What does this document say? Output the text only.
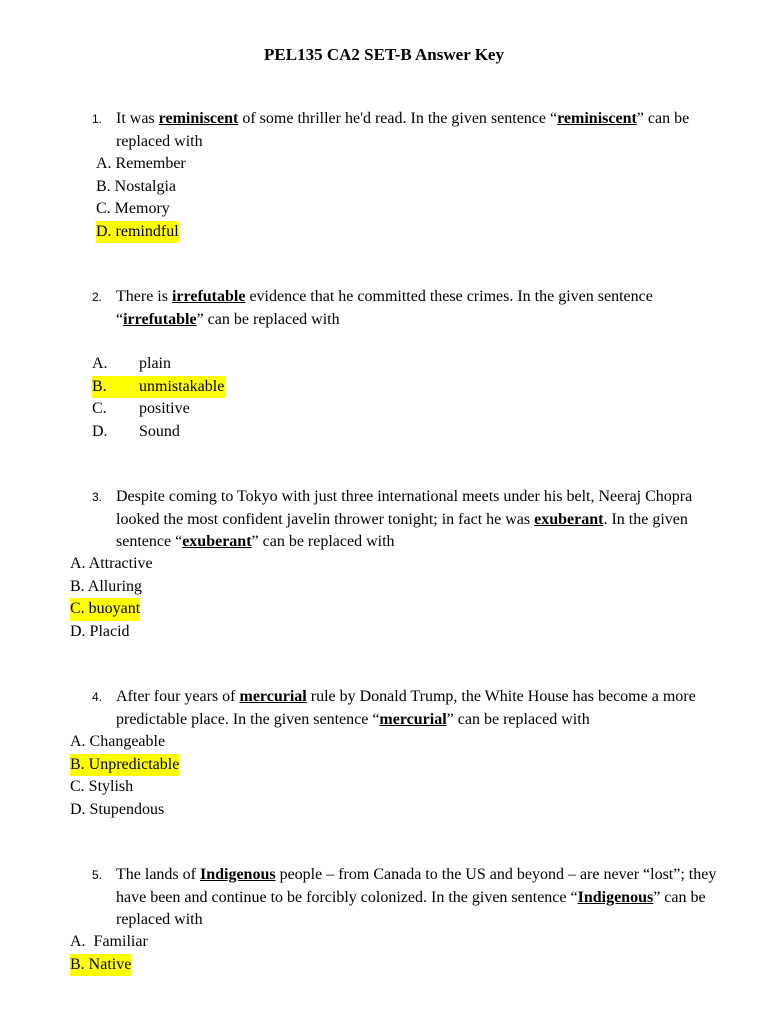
PEL135 CA2 SET-B Answer Key
1. It was reminiscent of some thriller he'd read. In the given sentence “reminiscent” can be replaced with
A. Remember
B. Nostalgia
C. Memory
D. remindful
2. There is irrefutable evidence that he committed these crimes. In the given sentence “irrefutable” can be replaced with
A. plain
B. unmistakable
C. positive
D. Sound
3. Despite coming to Tokyo with just three international meets under his belt, Neeraj Chopra looked the most confident javelin thrower tonight; in fact he was exuberant. In the given sentence “exuberant” can be replaced with
A. Attractive
B. Alluring
C. buoyant
D. Placid
4. After four years of mercurial rule by Donald Trump, the White House has become a more predictable place. In the given sentence “mercurial” can be replaced with
A. Changeable
B. Unpredictable
C. Stylish
D. Stupendous
5. The lands of Indigenous people – from Canada to the US and beyond – are never “lost”; they have been and continue to be forcibly colonized. In the given sentence “Indigenous” can be replaced with
A.  Familiar
B. Native
